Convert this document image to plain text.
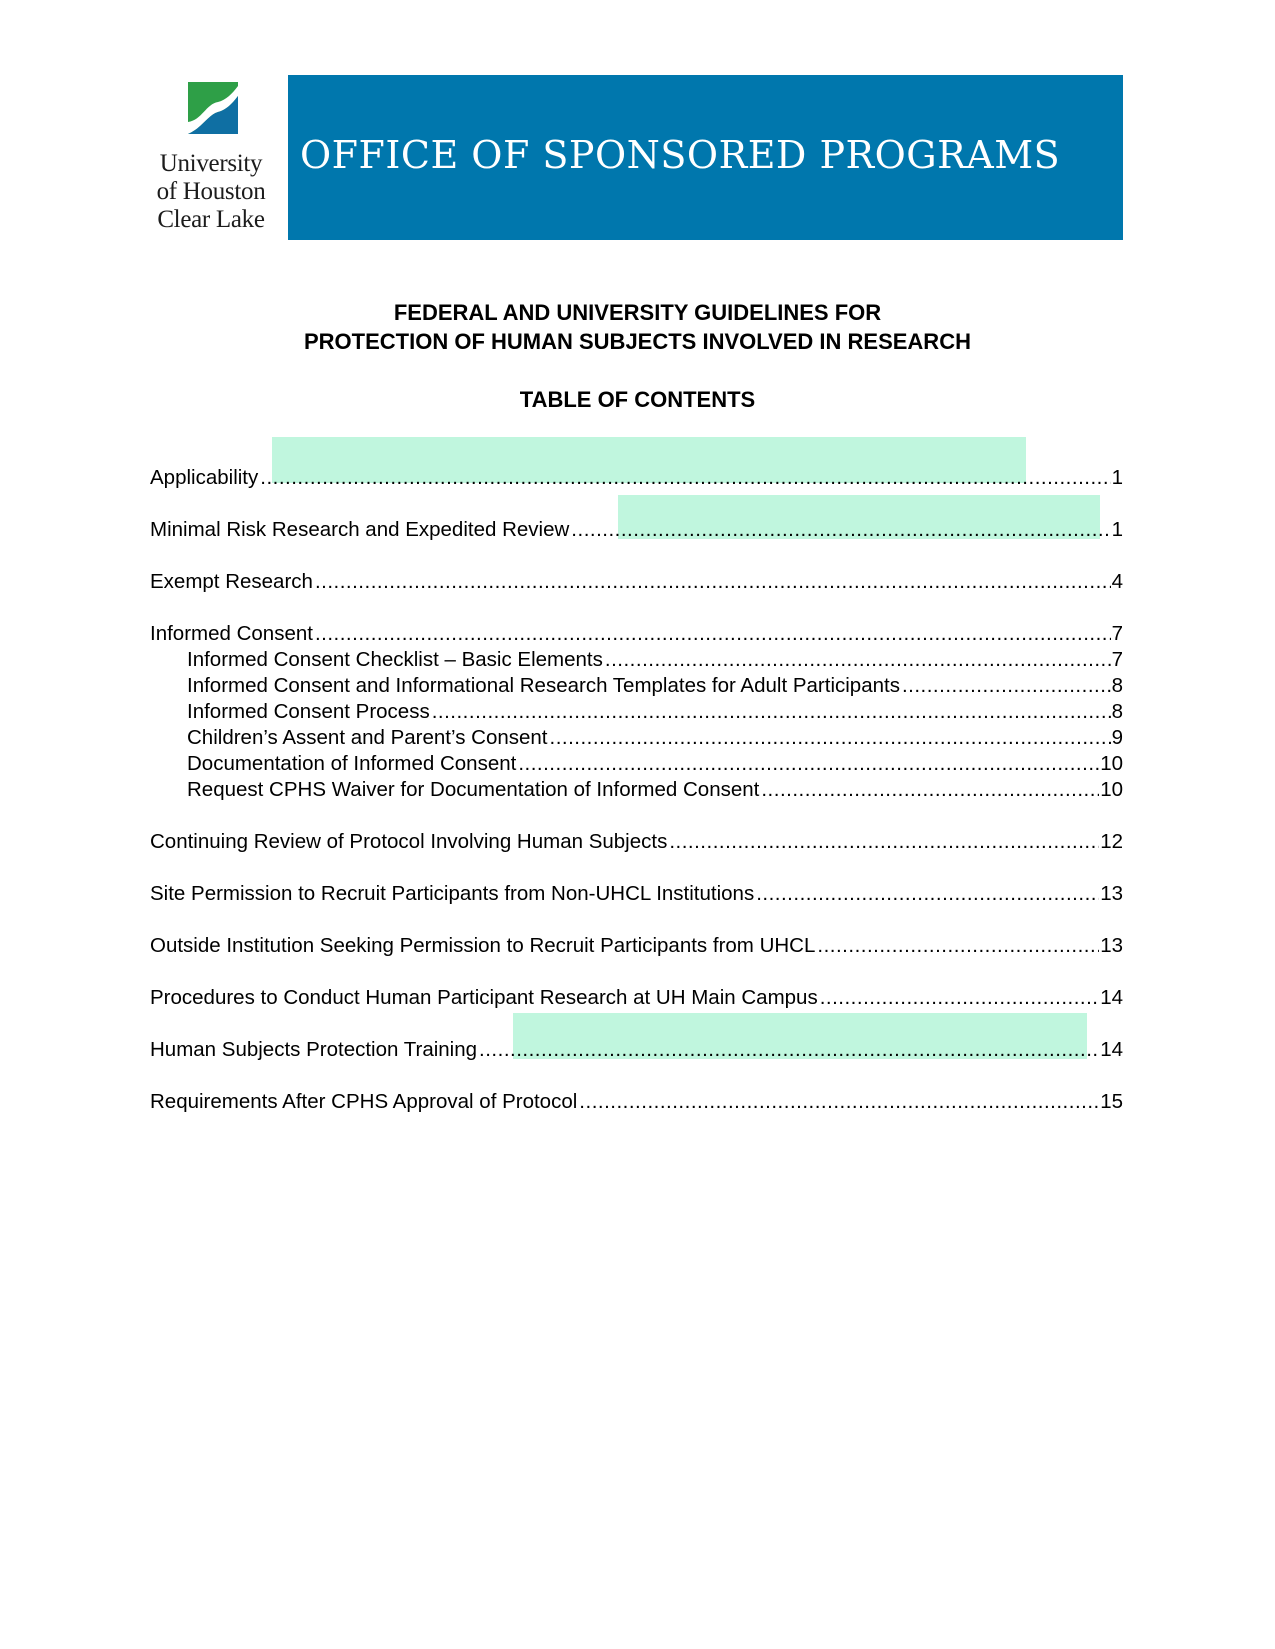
University
of Houston
Clear Lake
OFFICE OF SPONSORED PROGRAMS
FEDERAL AND UNIVERSITY GUIDELINES FOR
PROTECTION OF HUMAN SUBJECTS INVOLVED IN RESEARCH
TABLE OF CONTENTS
Applicability .....	1
Minimal Risk Research and Expedited Review .....	1
Exempt Research .....	4
Informed Consent .....	7
Informed Consent Checklist – Basic Elements .....	7
Informed Consent and Informational Research Templates for Adult Participants .....	8
Informed Consent Process .....	8
Children’s Assent and Parent’s Consent .....	9
Documentation of Informed Consent .....	10
Request CPHS Waiver for Documentation of Informed Consent .....	10
Continuing Review of Protocol Involving Human Subjects .....	12
Site Permission to Recruit Participants from Non-UHCL Institutions .....	13
Outside Institution Seeking Permission to Recruit Participants from UHCL .....	13
Procedures to Conduct Human Participant Research at UH Main Campus .....	14
Human Subjects Protection Training .....	14
Requirements After CPHS Approval of Protocol .....	15
